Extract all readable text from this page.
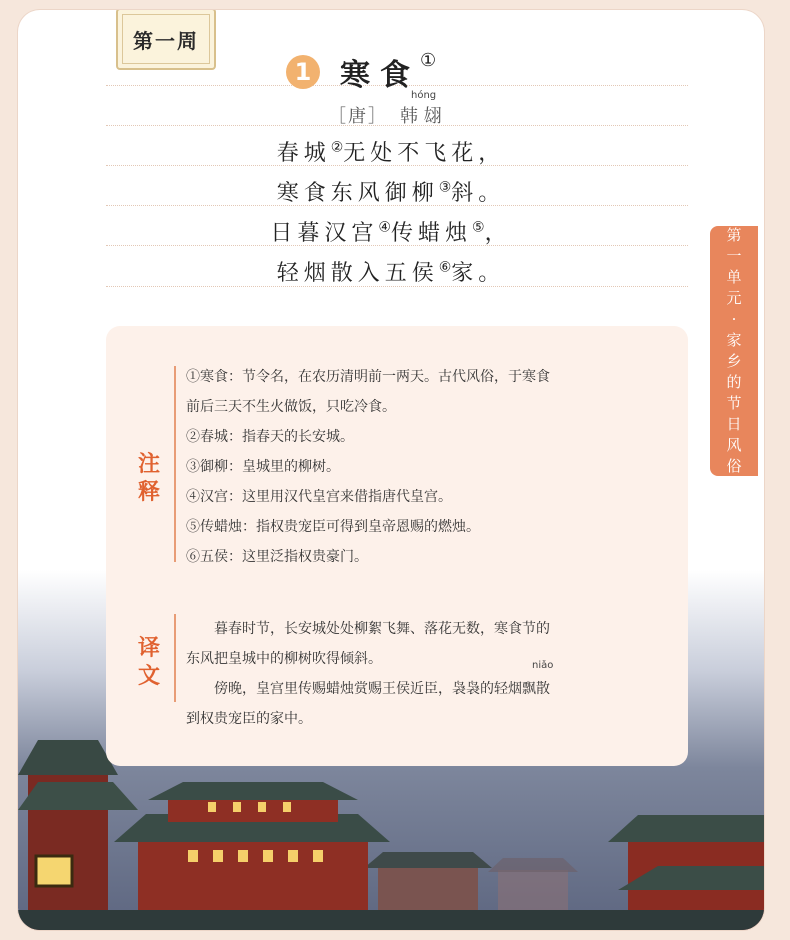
第一周
1 寒食 ①
hóng
［唐］ 韩 翃
春城②无处不飞花，
寒食东风御柳③斜。
日暮汉宫④传蜡烛⑤，
轻烟散入五侯⑥家。
第
一
单
元
·
家
乡
的
节
日
风
俗
注
释
①寒食：节令名，在农历清明前一两天。古代风俗，于寒食
前后三天不生火做饭，只吃冷食。
②春城：指春天的长安城。
③御柳：皇城里的柳树。
④汉宫：这里用汉代皇宫来借指唐代皇宫。
⑤传蜡烛：指权贵宠臣可得到皇帝恩赐的燃烛。
⑥五侯：这里泛指权贵豪门。
译
文	niǎo
暮春时节，长安城处处柳絮飞舞、落花无数，寒食节的
东风把皇城中的柳树吹得倾斜。
傍晚，皇宫里传赐蜡烛赏赐王侯近臣，袅袅的轻烟飘散
到权贵宠臣的家中。
